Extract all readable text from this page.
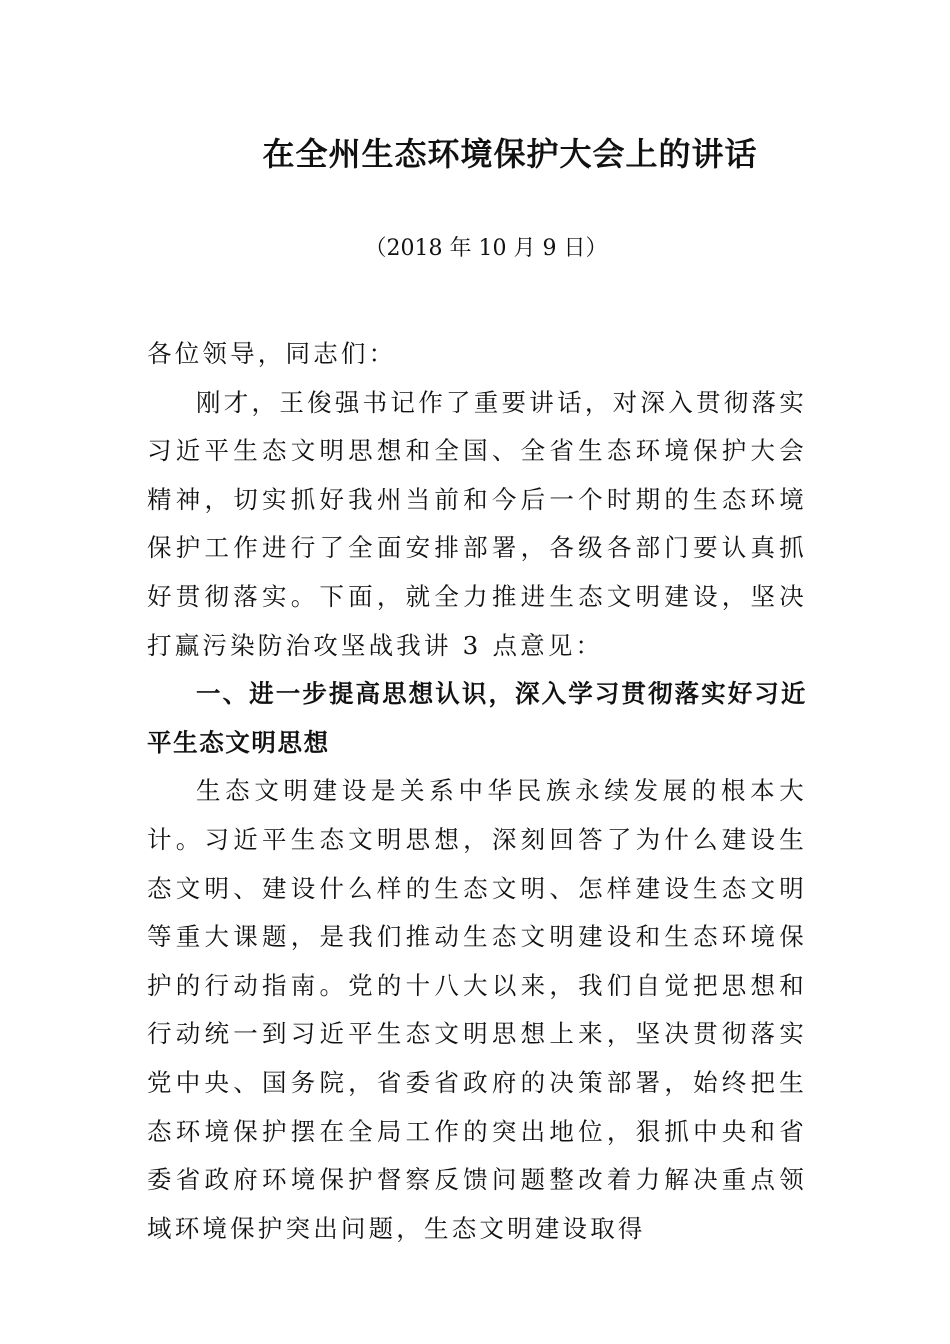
在全州生态环境保护大会上的讲话
（2018 年 10 月 9 日）

各位领导，同志们：

刚才，王俊强书记作了重要讲话，对深入贯彻落实习近平生态文明思想和全国、全省生态环境保护大会精神，切实抓好我州当前和今后一个时期的生态环境保护工作进行了全面安排部署，各级各部门要认真抓好贯彻落实。下面，就全力推进生态文明建设，坚决打赢污染防治攻坚战我讲 3 点意见：

一、进一步提高思想认识，深入学习贯彻落实好习近平生态文明思想

生态文明建设是关系中华民族永续发展的根本大计。习近平生态文明思想，深刻回答了为什么建设生态文明、建设什么样的生态文明、怎样建设生态文明等重大课题，是我们推动生态文明建设和生态环境保护的行动指南。党的十八大以来，我们自觉把思想和行动统一到习近平生态文明思想上来，坚决贯彻落实党中央、国务院，省委省政府的决策部署，始终把生态环境保护摆在全局工作的突出地位，狠抓中央和省委省政府环境保护督察反馈问题整改着力解决重点领域环境保护突出问题，生态文明建设取得
